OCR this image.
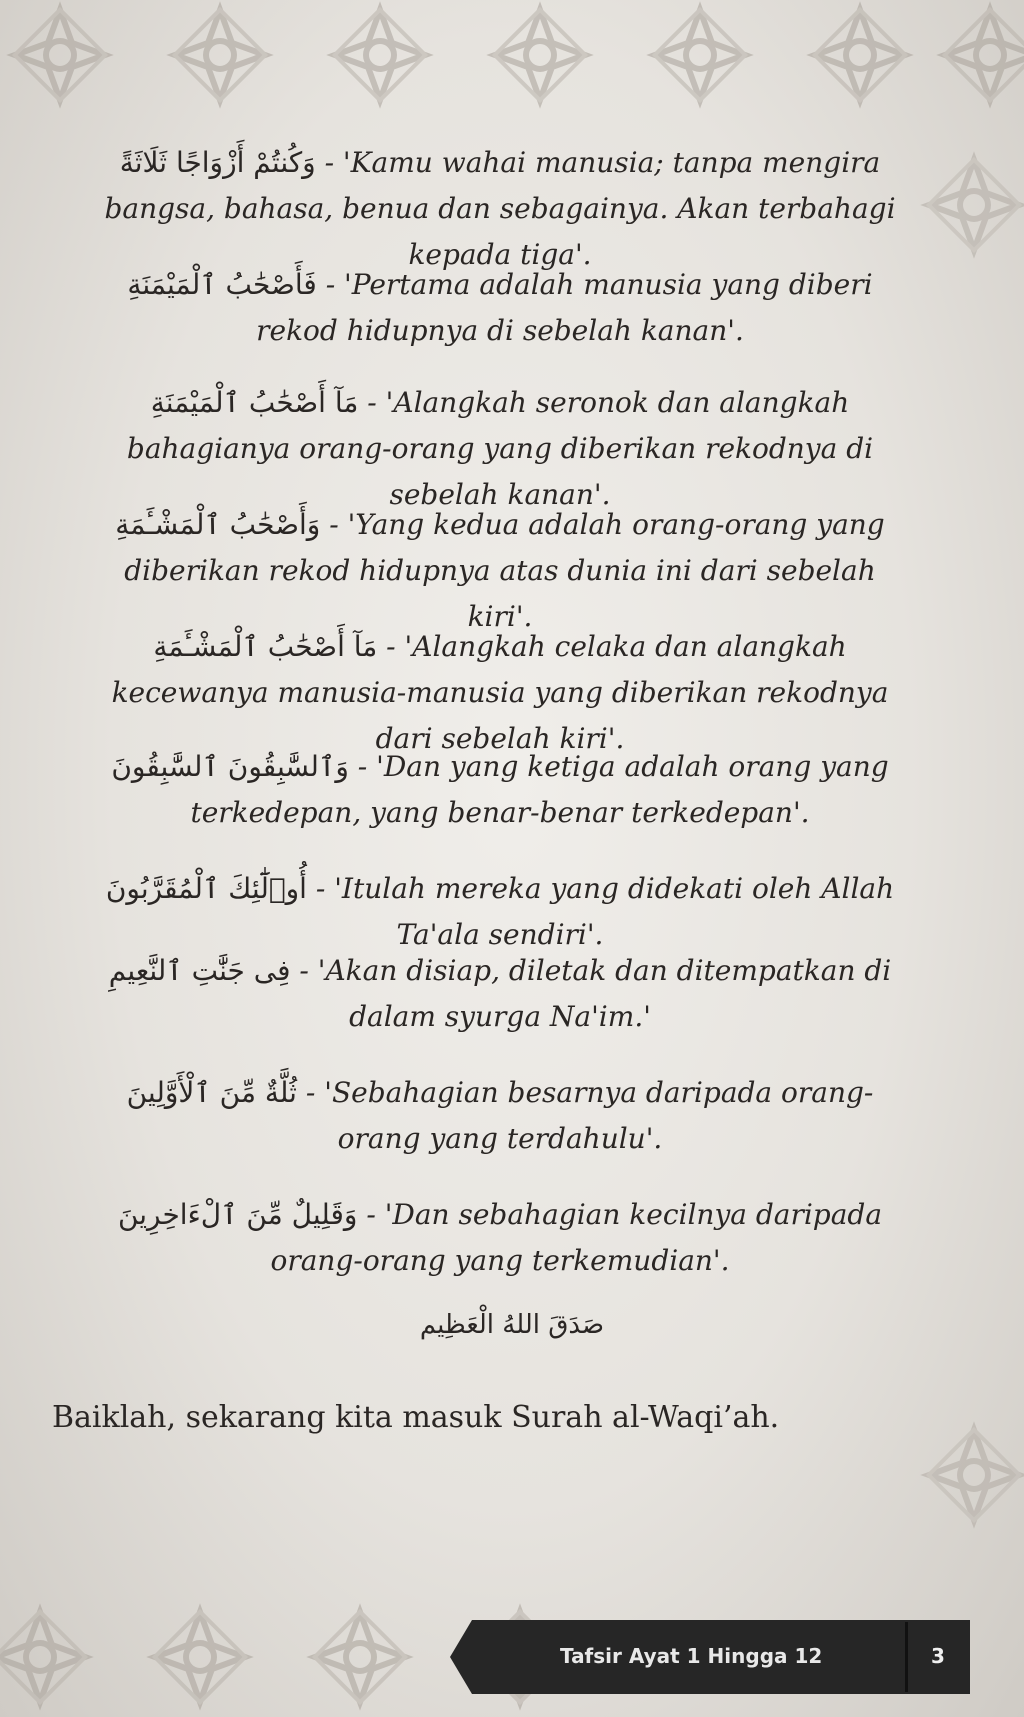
وَكُنتُمْ أَزْوَاجًا ثَلَاثَةً - 'Kamu wahai manusia; tanpa mengira bangsa, bahasa, benua dan sebagainya. Akan terbahagi kepada tiga'.
فَأَصْحَٰبُ ٱلْمَيْمَنَةِ - 'Pertama adalah manusia yang diberi rekod hidupnya di sebelah kanan'.
مَآ أَصْحَٰبُ ٱلْمَيْمَنَةِ - 'Alangkah seronok dan alangkah bahagianya orang-orang yang diberikan rekodnya di sebelah kanan'.
وَأَصْحَٰبُ ٱلْمَشْـَٔمَةِ - 'Yang kedua adalah orang-orang yang diberikan rekod hidupnya atas dunia ini dari sebelah kiri'.
مَآ أَصْحَٰبُ ٱلْمَشْـَٔمَةِ - 'Alangkah celaka dan alangkah kecewanya manusia-manusia yang diberikan rekodnya dari sebelah kiri'.
وَٱلسَّٰبِقُونَ ٱلسَّٰبِقُونَ - 'Dan yang ketiga adalah orang yang terkedepan, yang benar-benar terkedepan'.
أُو۟لَٰٓئِكَ ٱلْمُقَرَّبُونَ - 'Itulah mereka yang didekati oleh Allah Ta'ala sendiri'.
فِى جَنَّٰتِ ٱلنَّعِيمِ - 'Akan disiap, diletak dan ditempatkan di dalam syurga Na'im.'
ثُلَّةٌ مِّنَ ٱلْأَوَّلِينَ - 'Sebahagian besarnya daripada orang-orang yang terdahulu'.
وَقَلِيلٌ مِّنَ ٱلْءَاخِرِينَ - 'Dan sebahagian kecilnya daripada orang-orang yang terkemudian'.
صَدَقَ اللهُ الْعَظِيم
Baiklah, sekarang kita masuk Surah al-Waqi’ah.
Tafsir Ayat 1 Hingga 12	3
